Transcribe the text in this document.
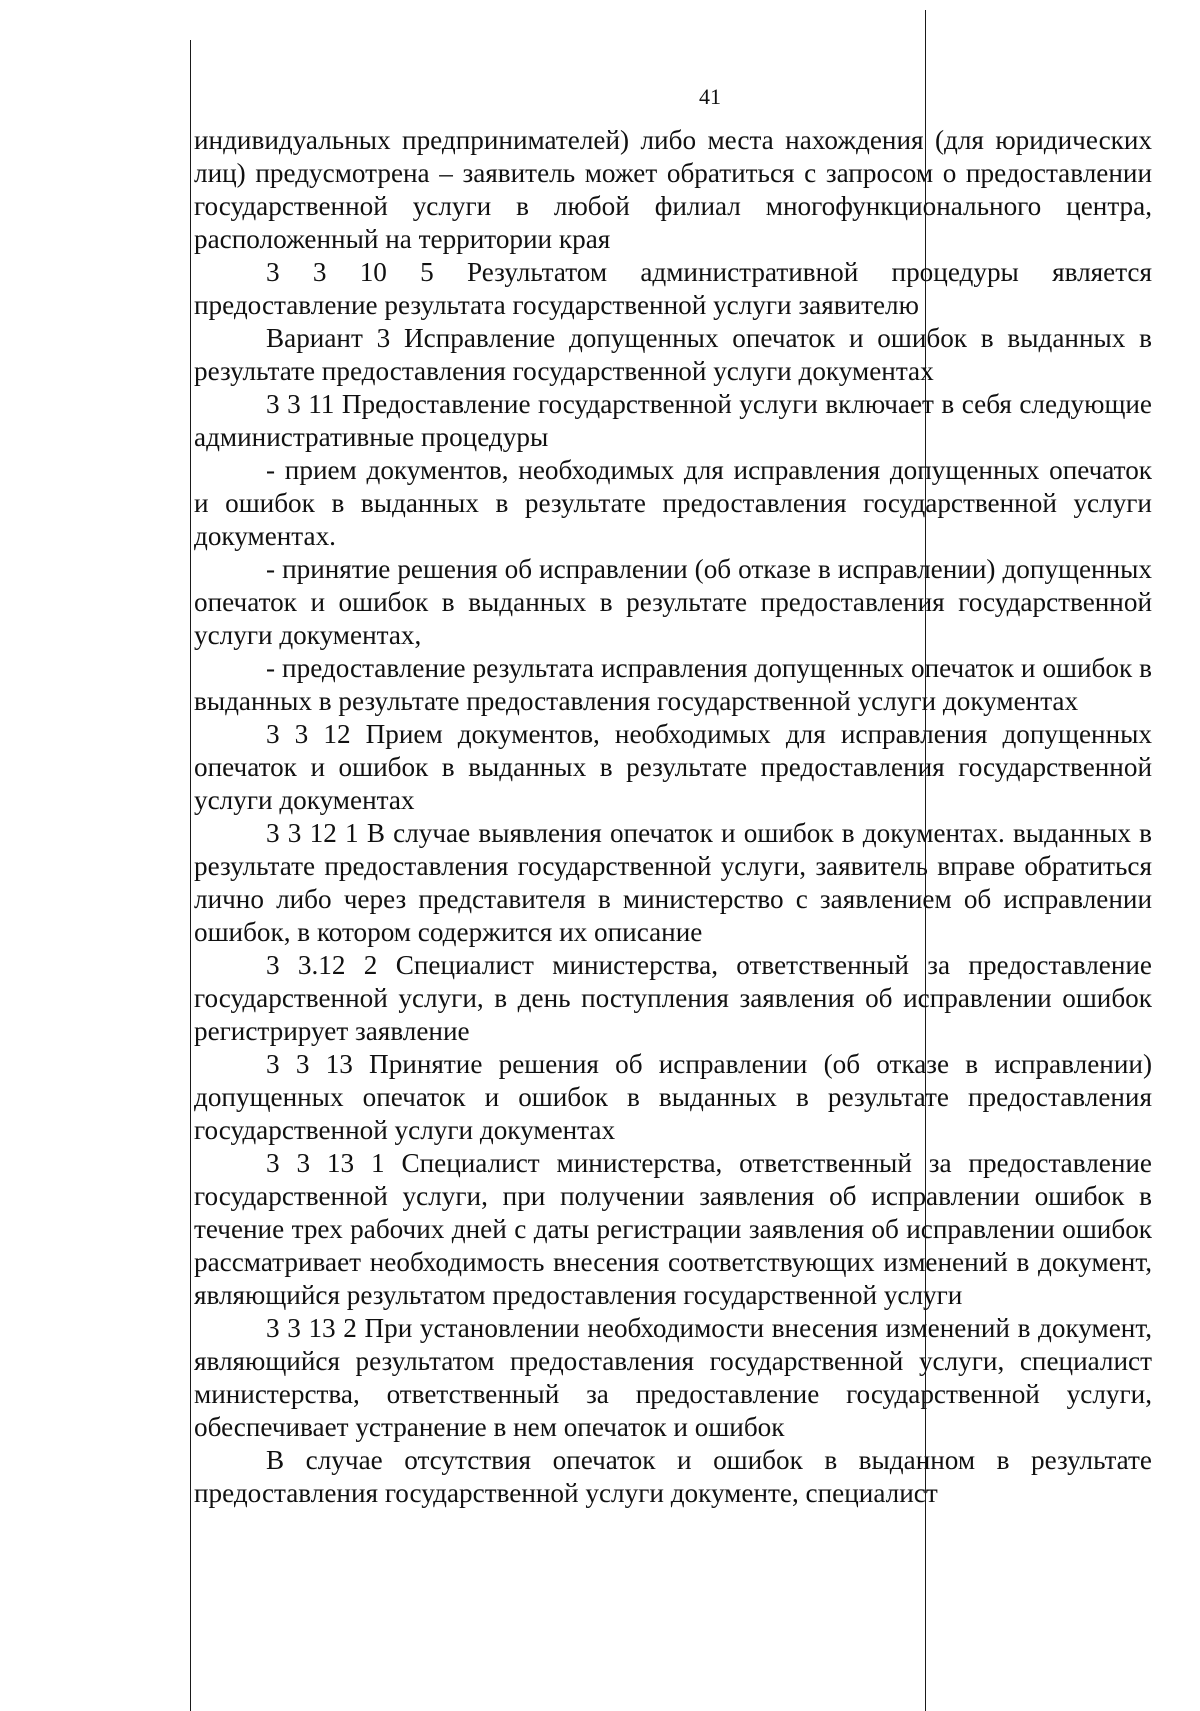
41

индивидуальных предпринимателей) либо места нахождения (для юридических лиц) предусмотрена – заявитель может обратиться с запросом о предоставлении государственной услуги в любой филиал многофункционального центра, расположенный на территории края

3 3 10 5 Результатом административной процедуры является предоставление результата государственной услуги заявителю

Вариант 3 Исправление допущенных опечаток и ошибок в выданных в результате предоставления государственной услуги документах

3 3 11 Предоставление государственной услуги включает в себя следующие административные процедуры

- прием документов, необходимых для исправления допущенных опечаток и ошибок в выданных в результате предоставления государственной услуги документах.

- принятие решения об исправлении (об отказе в исправлении) допущенных опечаток и ошибок в выданных в результате предоставления государственной услуги документах,

- предоставление результата исправления допущенных опечаток и ошибок в выданных в результате предоставления государственной услуги документах

3 3 12 Прием документов, необходимых для исправления допущенных опечаток и ошибок в выданных в результате предоставления государственной услуги документах

3 3 12 1 В случае выявления опечаток и ошибок в документах. выданных в результате предоставления государственной услуги, заявитель вправе обратиться лично либо через представителя в министерство с заявлением об исправлении ошибок, в котором содержится их описание

3 3.12 2 Специалист министерства, ответственный за предоставление государственной услуги, в день поступления заявления об исправлении ошибок регистрирует заявление

3 3 13 Принятие решения об исправлении (об отказе в исправлении) допущенных опечаток и ошибок в выданных в результате предоставления государственной услуги документах

3 3 13 1 Специалист министерства, ответственный за предоставление государственной услуги, при получении заявления об исправлении ошибок в течение трех рабочих дней с даты регистрации заявления об исправлении ошибок рассматривает необходимость внесения соответствующих изменений в документ, являющийся результатом предоставления государственной услуги

3 3 13 2 При установлении необходимости внесения изменений в документ, являющийся результатом предоставления государственной услуги, специалист министерства, ответственный за предоставление государственной услуги, обеспечивает устранение в нем опечаток и ошибок

В случае отсутствия опечаток и ошибок в выданном в результате предоставления государственной услуги документе, специалист
